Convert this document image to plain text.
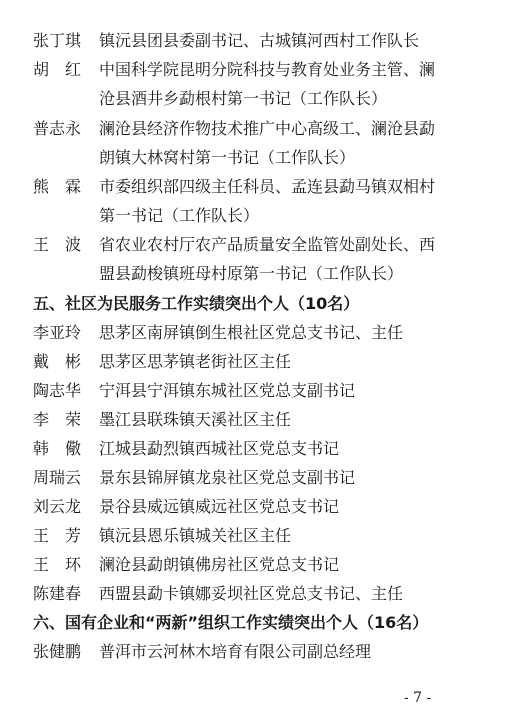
张丁琪	镇沅县团县委副书记、古城镇河西村工作队长
胡　红	中国科学院昆明分院科技与教育处业务主管、澜
沧县酒井乡勐根村第一书记（工作队长）
普志永	澜沧县经济作物技术推广中心高级工、澜沧县勐
朗镇大林窝村第一书记（工作队长）
熊　霖	市委组织部四级主任科员、孟连县勐马镇双相村
第一书记（工作队长）
王　波	省农业农村厅农产品质量安全监管处副处长、西
盟县勐梭镇班母村原第一书记（工作队长）
五、社区为民服务工作实绩突出个人（10名）
李亚玲	思茅区南屏镇倒生根社区党总支书记、主任
戴　彬	思茅区思茅镇老街社区主任
陶志华	宁洱县宁洱镇东城社区党总支副书记
李　荣	墨江县联珠镇天溪社区主任
韩　儆	江城县勐烈镇西城社区党总支书记
周瑞云	景东县锦屏镇龙泉社区党总支副书记
刘云龙	景谷县威远镇威远社区党总支书记
王　芳	镇沅县恩乐镇城关社区主任
王　环	澜沧县勐朗镇佛房社区党总支书记
陈建春	西盟县勐卡镇娜妥坝社区党总支书记、主任
六、国有企业和“两新”组织工作实绩突出个人（16名）
张健鹏	普洱市云河林木培育有限公司副总经理
- 7 -
